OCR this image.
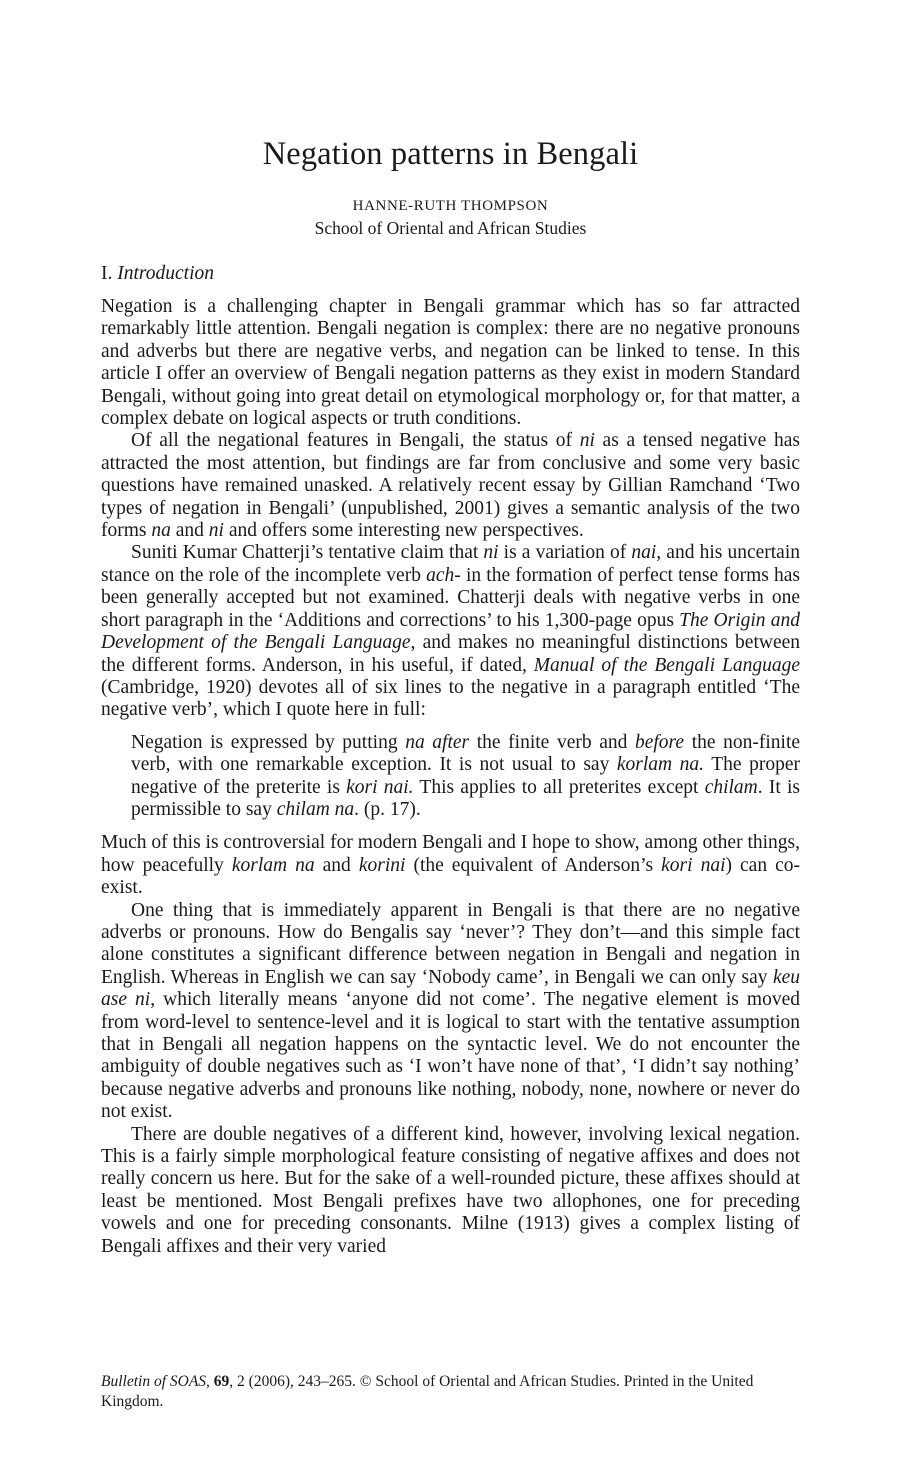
Negation patterns in Bengali
HANNE-RUTH THOMPSON
School of Oriental and African Studies
I. Introduction

Negation is a challenging chapter in Bengali grammar which has so far attracted remarkably little attention. Bengali negation is complex: there are no negative pronouns and adverbs but there are negative verbs, and negation can be linked to tense. In this article I offer an overview of Bengali negation patterns as they exist in modern Standard Bengali, without going into great detail on etymological morphology or, for that matter, a complex debate on logical aspects or truth conditions.

Of all the negational features in Bengali, the status of ni as a tensed negative has attracted the most attention, but findings are far from conclusive and some very basic questions have remained unasked. A relatively recent essay by Gillian Ramchand ‘Two types of negation in Bengali’ (unpublished, 2001) gives a semantic analysis of the two forms na and ni and offers some interesting new perspectives.

Suniti Kumar Chatterji’s tentative claim that ni is a variation of nai, and his uncertain stance on the role of the incomplete verb ach- in the formation of perfect tense forms has been generally accepted but not examined. Chatterji deals with negative verbs in one short paragraph in the ‘Additions and corrections’ to his 1,300-page opus The Origin and Development of the Bengali Language, and makes no meaningful distinctions between the different forms. Anderson, in his useful, if dated, Manual of the Bengali Language (Cambridge, 1920) devotes all of six lines to the negative in a paragraph entitled ‘The negative verb’, which I quote here in full:

Negation is expressed by putting na after the finite verb and before the non-finite verb, with one remarkable exception. It is not usual to say korlam na. The proper negative of the preterite is kori nai. This applies to all preterites except chilam. It is permissible to say chilam na. (p. 17).

Much of this is controversial for modern Bengali and I hope to show, among other things, how peacefully korlam na and korini (the equivalent of Anderson’s kori nai) can co-exist.

One thing that is immediately apparent in Bengali is that there are no negative adverbs or pronouns. How do Bengalis say ‘never’? They don’t—and this simple fact alone constitutes a significant difference between negation in Bengali and negation in English. Whereas in English we can say ‘Nobody came’, in Bengali we can only say keu ase ni, which literally means ‘anyone did not come’. The negative element is moved from word-level to sentence-level and it is logical to start with the tentative assumption that in Bengali all negation happens on the syntactic level. We do not encounter the ambiguity of double negatives such as ‘I won’t have none of that’, ‘I didn’t say nothing’ because negative adverbs and pronouns like nothing, nobody, none, nowhere or never do not exist.

There are double negatives of a different kind, however, involving lexical negation. This is a fairly simple morphological feature consisting of negative affixes and does not really concern us here. But for the sake of a well-rounded picture, these affixes should at least be mentioned. Most Bengali prefixes have two allophones, one for preceding vowels and one for preceding consonants. Milne (1913) gives a complex listing of Bengali affixes and their very varied

Bulletin of SOAS, 69, 2 (2006), 243–265. © School of Oriental and African Studies. Printed in the United Kingdom.
